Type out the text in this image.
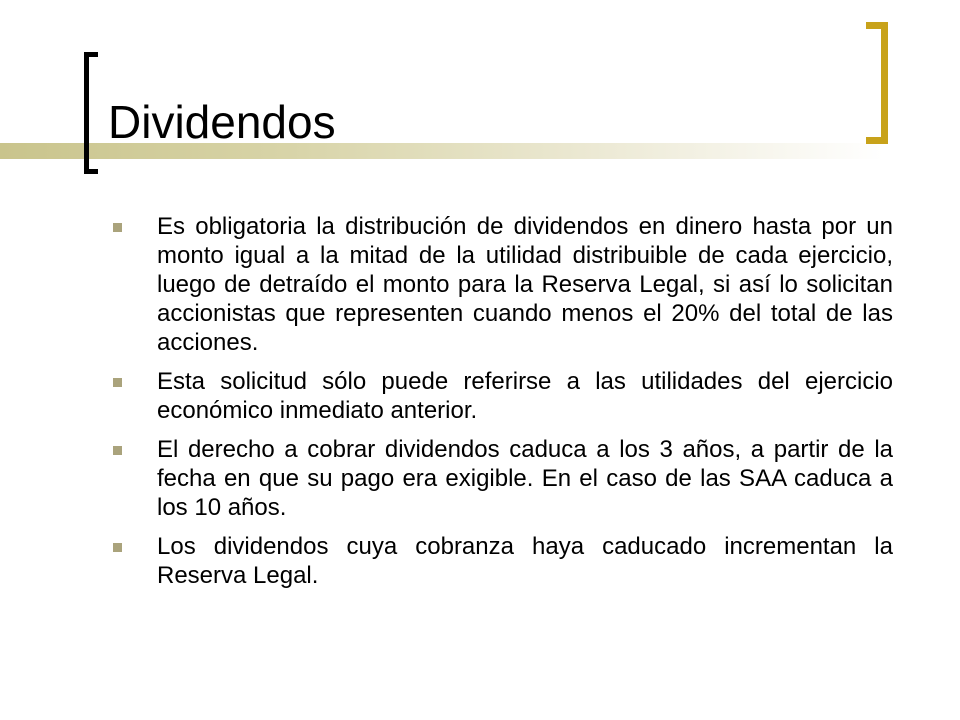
Dividendos
Es obligatoria la distribución de dividendos en dinero hasta por un monto igual a la mitad de la utilidad distribuible de cada ejercicio, luego de detraído el monto para la Reserva Legal, si así lo solicitan accionistas que representen cuando menos el 20% del total de las acciones.
Esta solicitud sólo puede referirse a las utilidades del ejercicio económico inmediato anterior.
El derecho a cobrar dividendos caduca a los 3 años, a partir de la fecha en que su pago era exigible. En el caso de las SAA caduca a los 10 años.
Los dividendos cuya cobranza haya caducado incrementan la Reserva Legal.
